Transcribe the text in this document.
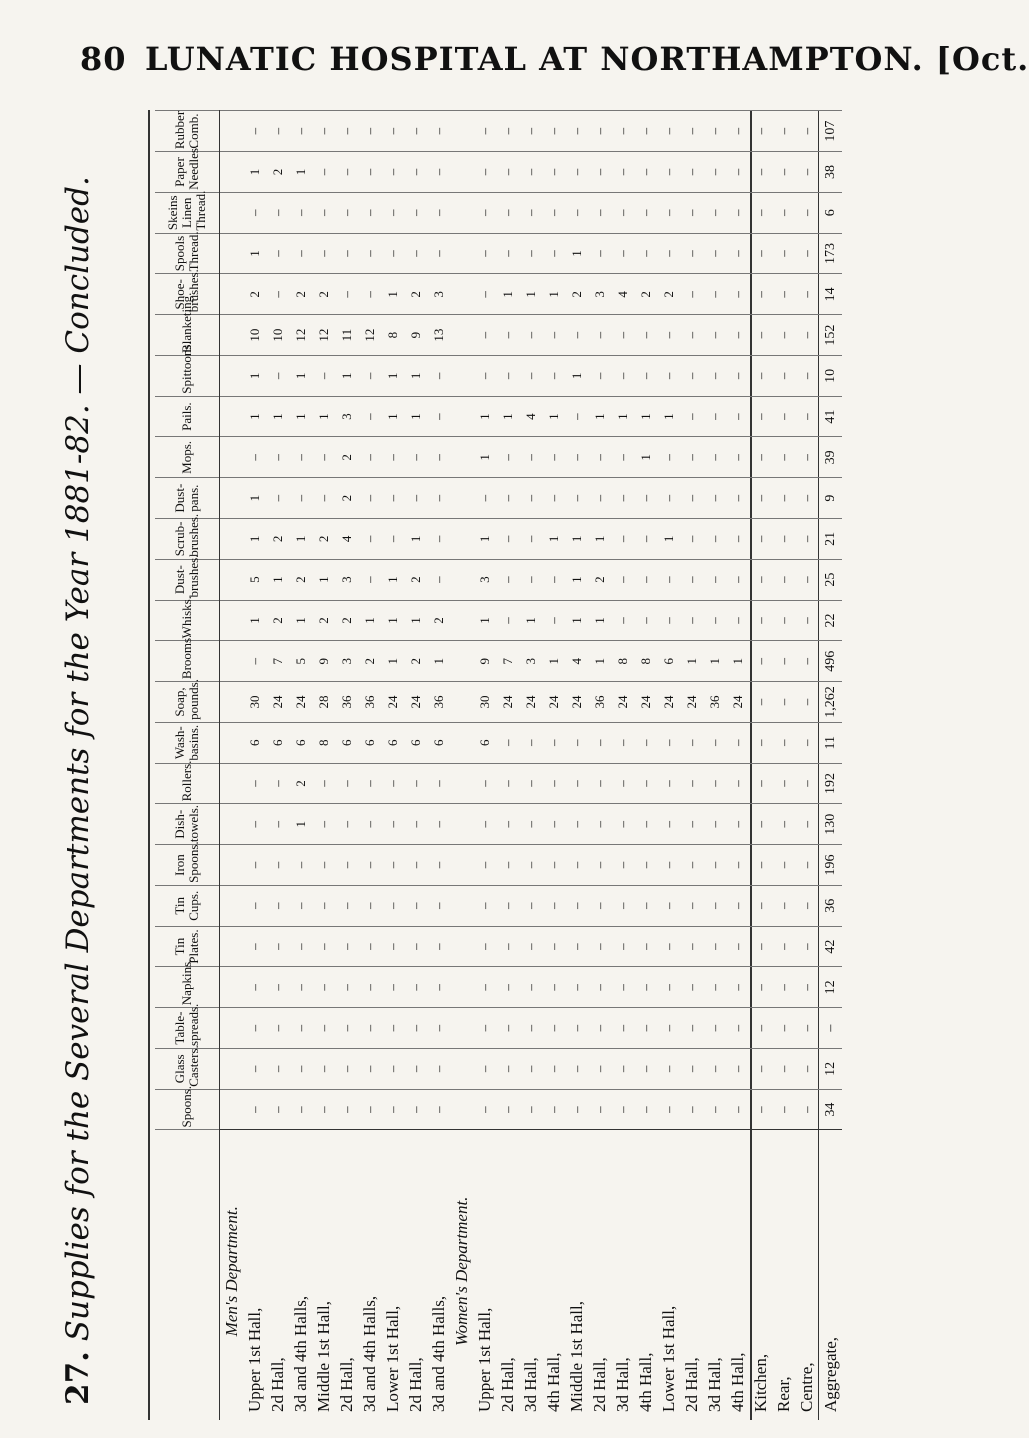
80 LUNATIC HOSPITAL AT NORTHAMPTON. [Oct.
27. Supplies for the Several Departments for the Year 1881-82. — Concluded.
		Spoons.	Glass Casters.	Table-spreads.	Napkins.	Tin Plates.	Tin Cups.	Iron Spoons.	Dish-towels.	Rollers.	Wash-basins.	Soap, pounds.	Brooms.	Whisks.	Dust-brushes.	Scrub-brushes.	Dust-pans.	Mops.	Pails.	Spittoons.	Blanketing.	Shoe-brushes.	Spools Thread.	Skeins Linen Thread.	Paper Needles.	Rubber Comb.
Men's Department.																									
Upper 1st Hall,	–	–	–	–	–	–	–	–	–	6	30	–	1	5	1	1	–	1	1	10	2	1	–	1	–
2d Hall,	–	–	–	–	–	–	–	–	–	6	24	7	2	1	2	–	–	1	–	10	–	–	–	2	–
3d and 4th Halls,	–	–	–	–	–	–	–	1	2	6	24	5	1	2	1	–	–	1	1	12	2	–	–	1	–
Middle 1st Hall,	–	–	–	–	–	–	–	–	–	8	28	9	2	1	2	–	–	1	–	12	2	–	–	–	–
2d Hall,	–	–	–	–	–	–	–	–	–	6	36	3	2	3	4	2	2	3	1	11	–	–	–	–	–
3d and 4th Halls,	–	–	–	–	–	–	–	–	–	6	36	2	1	–	–	–	–	–	–	12	–	–	–	–	–
Lower 1st Hall,	–	–	–	–	–	–	–	–	–	6	24	1	1	1	–	–	–	1	1	8	1	–	–	–	–
2d Hall,	–	–	–	–	–	–	–	–	–	6	24	2	1	2	1	–	–	1	1	9	2	–	–	–	–
3d and 4th Halls,	–	–	–	–	–	–	–	–	–	6	36	1	2	–	–	–	–	–	–	13	3	–	–	–	–
Women's Department.																									
Upper 1st Hall,	–	–	–	–	–	–	–	–	–	6	30	9	1	3	1	–	1	1	–	–	–	–	–	–	–
2d Hall,	–	–	–	–	–	–	–	–	–	–	24	7	–	–	–	–	–	1	–	–	1	–	–	–	–
3d Hall,	–	–	–	–	–	–	–	–	–	–	24	3	1	–	–	–	–	4	–	–	1	–	–	–	–
4th Hall,	–	–	–	–	–	–	–	–	–	–	24	1	–	–	1	–	–	1	–	–	1	–	–	–	–
Middle 1st Hall,	–	–	–	–	–	–	–	–	–	–	24	4	1	1	1	–	–	–	1	–	2	1	–	–	–
2d Hall,	–	–	–	–	–	–	–	–	–	–	36	1	1	2	1	–	–	1	–	–	3	–	–	–	–
3d Hall,	–	–	–	–	–	–	–	–	–	–	24	8	–	–	–	–	–	1	–	–	4	–	–	–	–
4th Hall,	–	–	–	–	–	–	–	–	–	–	24	8	–	–	–	–	1	1	–	–	2	–	–	–	–
Lower 1st Hall,	–	–	–	–	–	–	–	–	–	–	24	6	–	–	1	–	–	1	–	–	2	–	–	–	–
2d Hall,	–	–	–	–	–	–	–	–	–	–	24	1	–	–	–	–	–	–	–	–	–	–	–	–	–
3d Hall,	–	–	–	–	–	–	–	–	–	–	36	1	–	–	–	–	–	–	–	–	–	–	–	–	–
4th Hall,	–	–	–	–	–	–	–	–	–	–	24	1	–	–	–	–	–	–	–	–	–	–	–	–	–
Kitchen,	–	–	–	–	–	–	–	–	–	–	–	–	–	–	–	–	–	–	–	–	–	–	–	–	–
Rear,	–	–	–	–	–	–	–	–	–	–	–	–	–	–	–	–	–	–	–	–	–	–	–	–	–
Centre,	–	–	–	–	–	–	–	–	–	–	–	–	–	–	–	–	–	–	–	–	–	–	–	–	–
Aggregate,	34	12	–	12	42	36	196	130	192	11	1,262	496	22	25	21	9	39	41	10	152	14	173	6	38	107
